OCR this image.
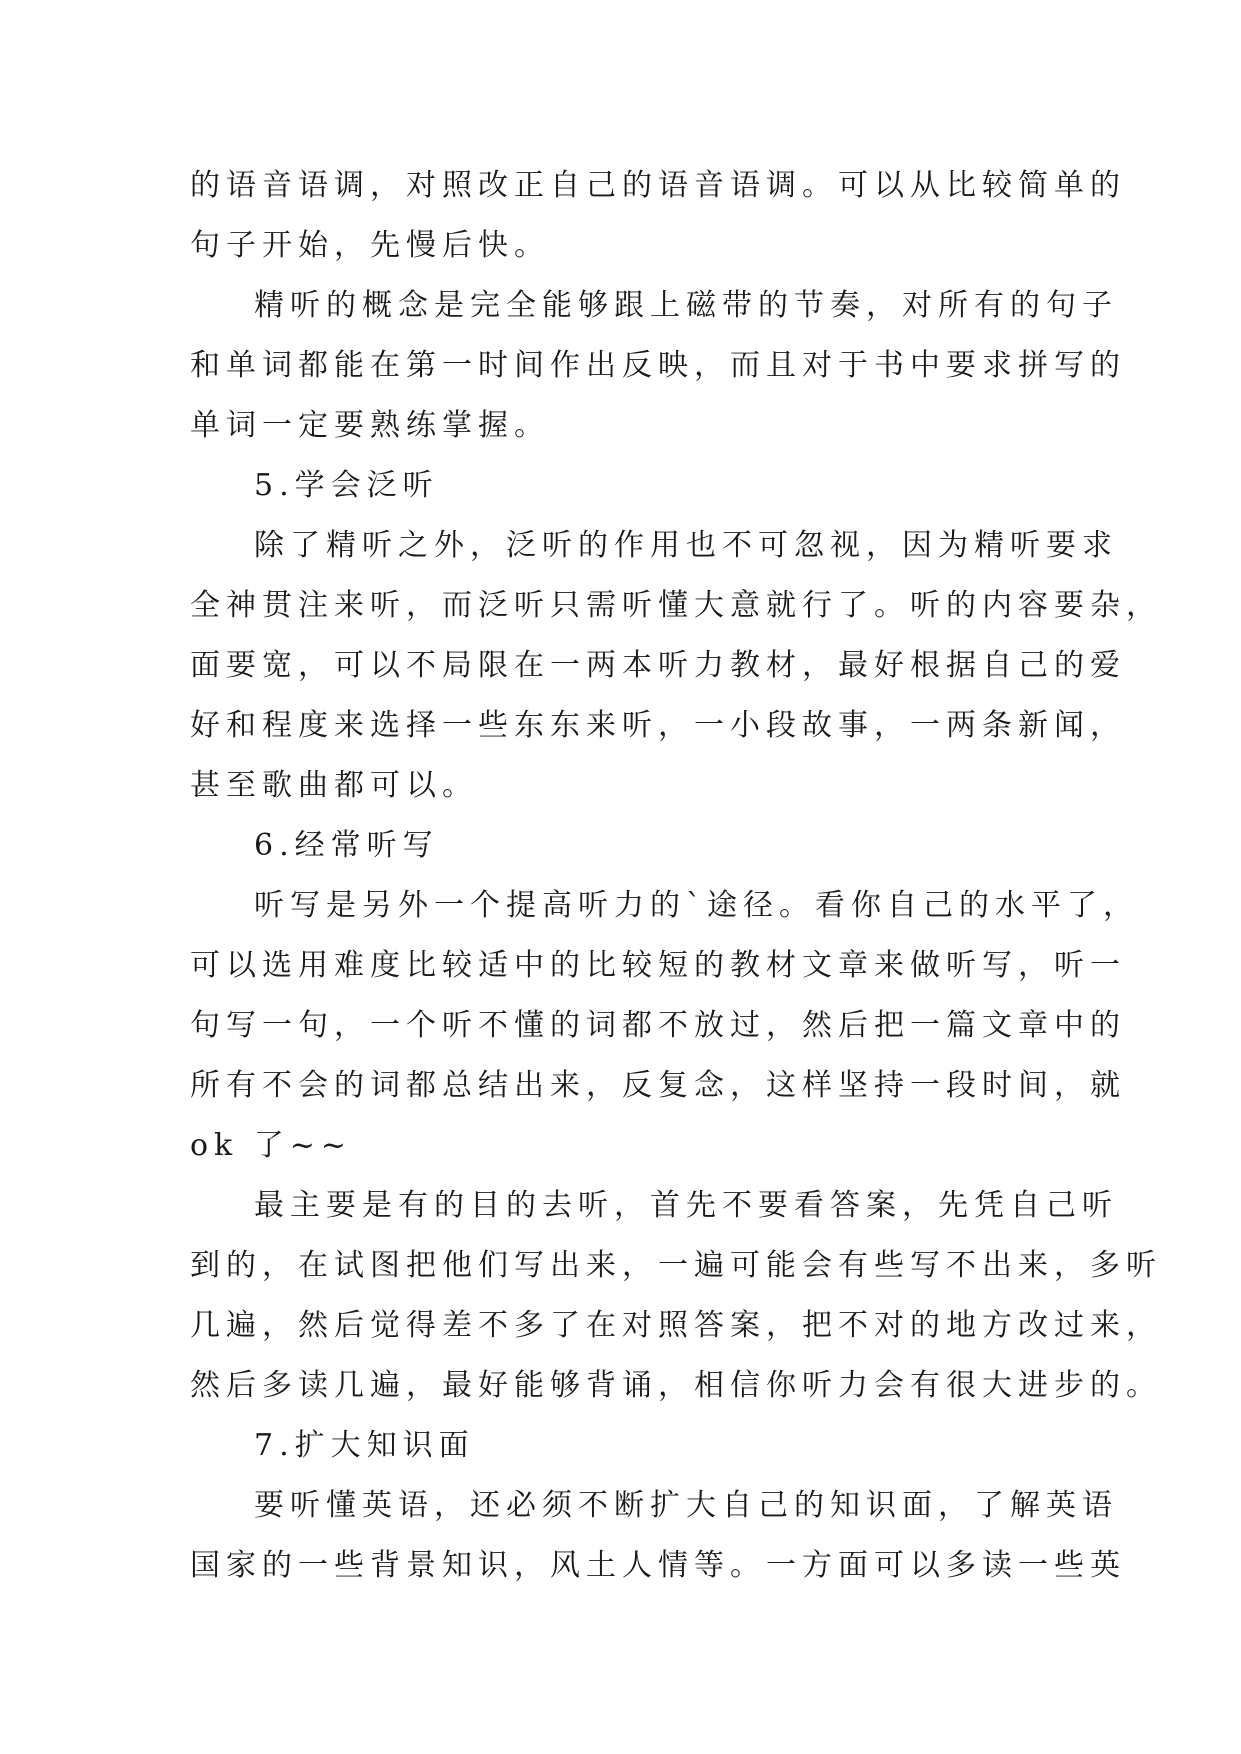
的语音语调，对照改正自己的语音语调。可以从比较简单的
句子开始，先慢后快。
精听的概念是完全能够跟上磁带的节奏，对所有的句子
和单词都能在第一时间作出反映，而且对于书中要求拼写的
单词一定要熟练掌握。
5.学会泛听
除了精听之外，泛听的作用也不可忽视，因为精听要求
全神贯注来听，而泛听只需听懂大意就行了。听的内容要杂，
面要宽，可以不局限在一两本听力教材，最好根据自己的爱
好和程度来选择一些东东来听，一小段故事，一两条新闻，
甚至歌曲都可以。
6.经常听写
听写是另外一个提高听力的`途径。看你自己的水平了，
可以选用难度比较适中的比较短的教材文章来做听写，听一
句写一句，一个听不懂的词都不放过，然后把一篇文章中的
所有不会的词都总结出来，反复念，这样坚持一段时间，就
ok 了~~
最主要是有的目的去听，首先不要看答案，先凭自己听
到的，在试图把他们写出来，一遍可能会有些写不出来，多听
几遍，然后觉得差不多了在对照答案，把不对的地方改过来，
然后多读几遍，最好能够背诵，相信你听力会有很大进步的。
7.扩大知识面
要听懂英语，还必须不断扩大自己的知识面，了解英语
国家的一些背景知识，风土人情等。一方面可以多读一些英
